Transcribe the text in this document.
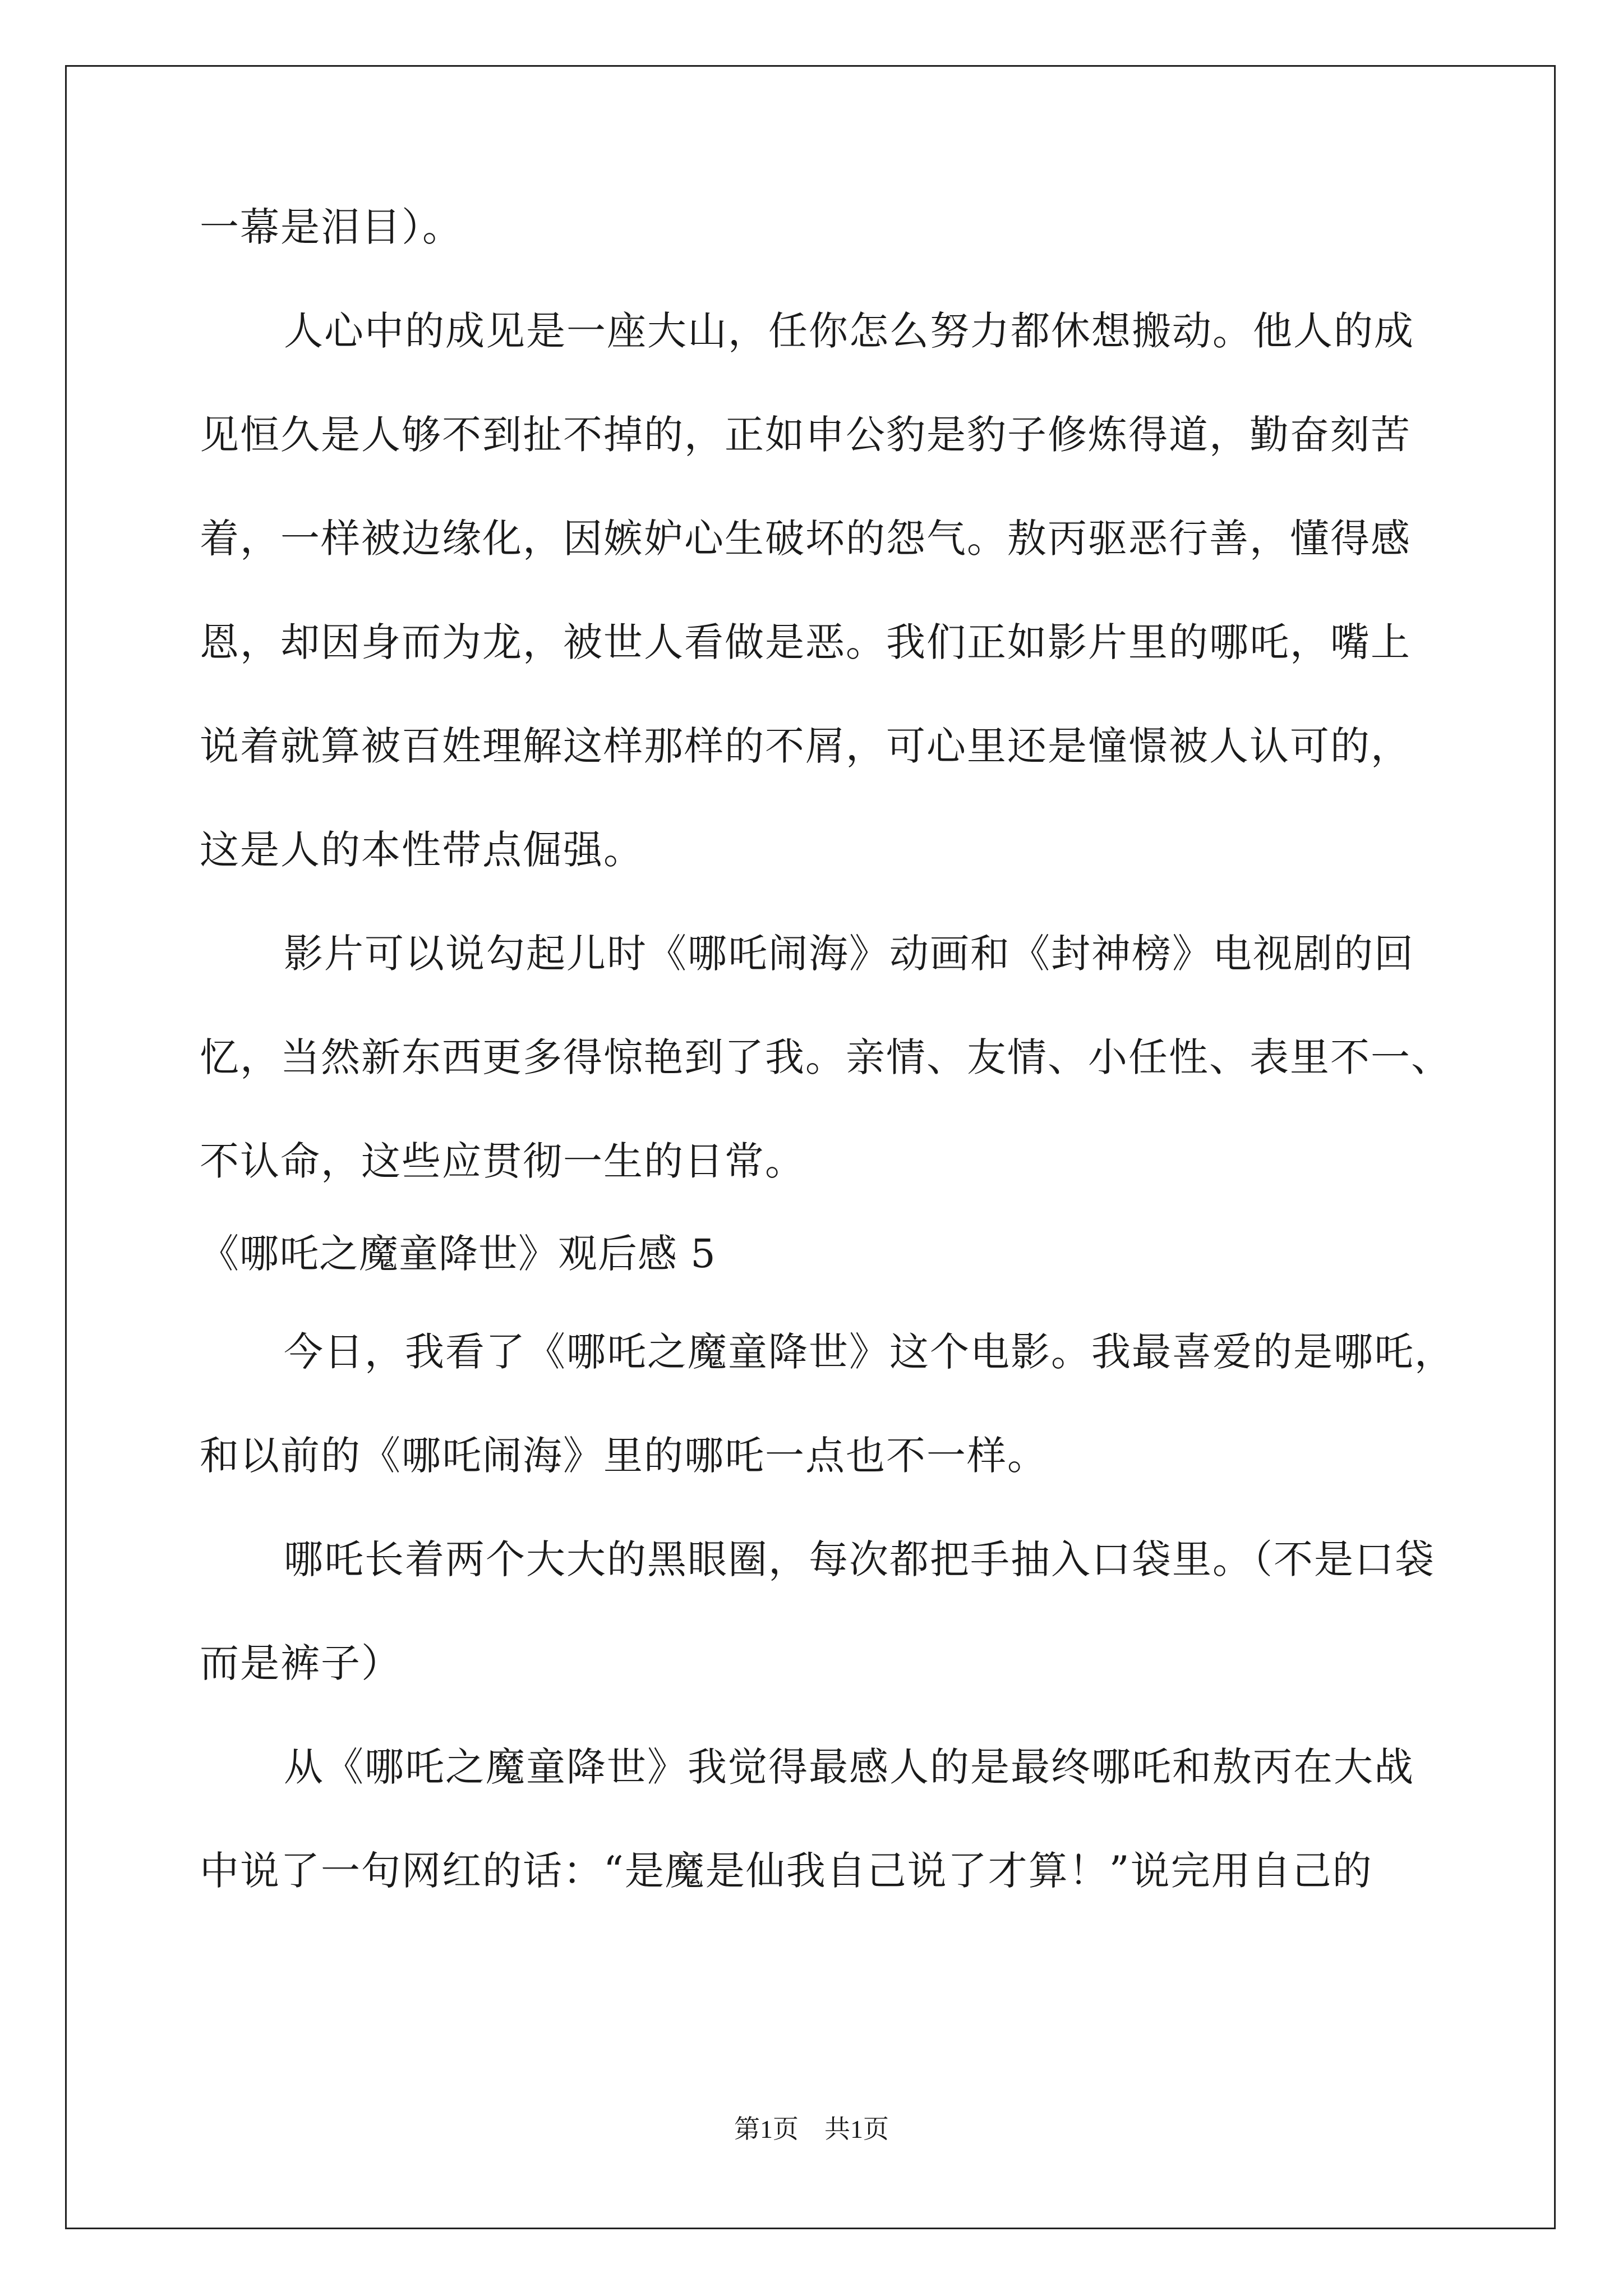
一幕是泪目）。
人心中的成见是一座大山，任你怎么努力都休想搬动。他人的成
见恒久是人够不到扯不掉的，正如申公豹是豹子修炼得道，勤奋刻苦
着，一样被边缘化，因嫉妒心生破坏的怨气。敖丙驱恶行善，懂得感
恩，却因身而为龙，被世人看做是恶。我们正如影片里的哪吒，嘴上
说着就算被百姓理解这样那样的不屑，可心里还是憧憬被人认可的，
这是人的本性带点倔强。
影片可以说勾起儿时《哪吒闹海》动画和《封神榜》电视剧的回
忆，当然新东西更多得惊艳到了我。亲情、友情、小任性、表里不一、
不认命，这些应贯彻一生的日常。
《哪吒之魔童降世》观后感 5
今日，我看了《哪吒之魔童降世》这个电影。我最喜爱的是哪吒，
和以前的《哪吒闹海》里的哪吒一点也不一样。
哪吒长着两个大大的黑眼圈，每次都把手抽入口袋里。（不是口袋
而是裤子）
从《哪吒之魔童降世》我觉得最感人的是最终哪吒和敖丙在大战
中说了一句网红的话：“是魔是仙我自己说了才算！”说完用自己的
第1页　共1页
